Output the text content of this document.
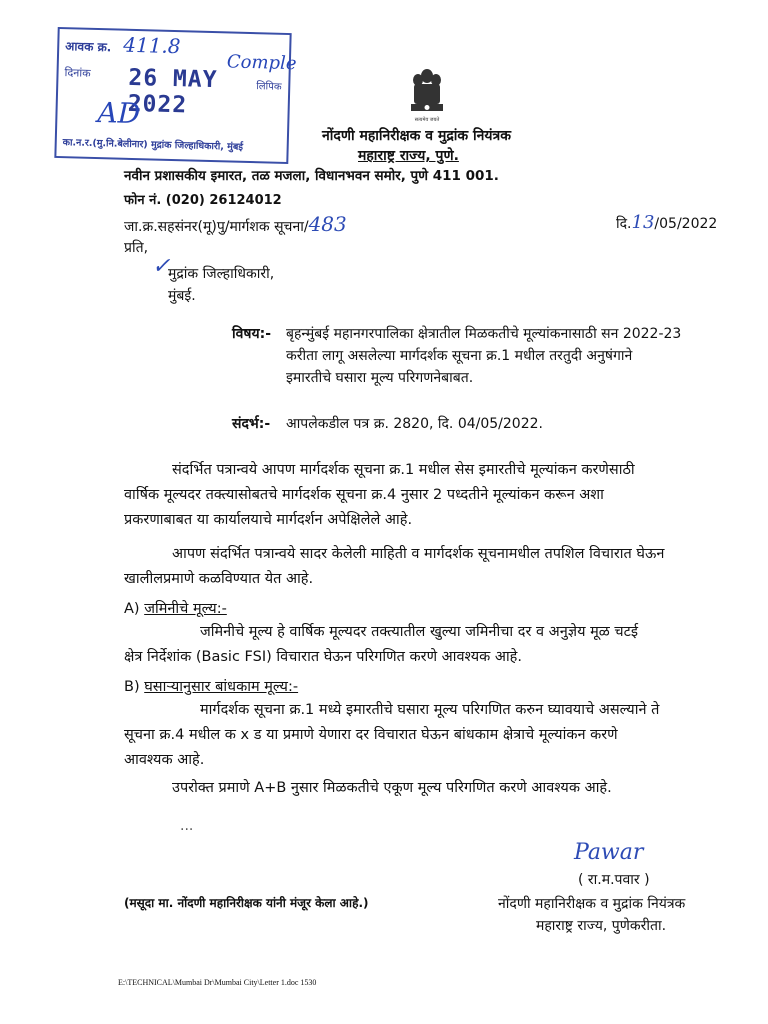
आवक क्र. 411.8
दिनांक 26 MAY 2022
Comple
लिपिक
AD
का.न.र.(मु.नि.बेलीनार) मुद्रांक जिल्हाधिकारी, मुंबई
सत्यमेव जयते
नोंदणी महानिरीक्षक व मुद्रांक नियंत्रक
महाराष्ट्र राज्य, पुणे.
नवीन प्रशासकीय इमारत, तळ मजला, विधानभवन समोर, पुणे 411 001.
फोन नं. (020) 26124012
जा.क्र.सहसंनर(मू)पु/मार्गशक सूचना/483	दि.13/05/2022
प्रति,
✓
मुद्रांक जिल्हाधिकारी,
मुंबई.
विषय:- बृहन्मुंबई महानगरपालिका क्षेत्रातील मिळकतीचे मूल्यांकनासाठी सन 2022-23
करीता लागू असलेल्या मार्गदर्शक सूचना क्र.1 मधील तरतुदी अनुषंगाने
इमारतीचे घसारा मूल्य परिगणनेबाबत.
संदर्भ:- आपलेकडील पत्र क्र. 2820, दि. 04/05/2022.
संदर्भित पत्रान्वये आपण मार्गदर्शक सूचना क्र.1 मधील सेस इमारतीचे मूल्यांकन करणेसाठी
वार्षिक मूल्यदर तक्त्यासोबतचे मार्गदर्शक सूचना क्र.4 नुसार 2 पध्दतीने मूल्यांकन करून अशा
प्रकरणाबाबत या कार्यालयाचे मार्गदर्शन अपेक्षिलेले आहे.
आपण संदर्भित पत्रान्वये सादर केलेली माहिती व मार्गदर्शक सूचनामधील तपशिल विचारात घेऊन
खालीलप्रमाणे कळविण्यात येत आहे.
A) जमिनीचे मूल्य:-
जमिनीचे मूल्य हे वार्षिक मूल्यदर तक्त्यातील खुल्या जमिनीचा दर व अनुज्ञेय मूळ चटई
क्षेत्र निर्देशांक (Basic FSI) विचारात घेऊन परिगणित करणे आवश्यक आहे.
B) घसाऱ्यानुसार बांधकाम मूल्य:-
मार्गदर्शक सूचना क्र.1 मध्ये इमारतीचे घसारा मूल्य परिगणित करुन घ्यावयाचे असल्याने ते
सूचना क्र.4 मधील क x ड या प्रमाणे येणारा दर विचारात घेऊन बांधकाम क्षेत्राचे मूल्यांकन करणे
आवश्यक आहे.
उपरोक्त प्रमाणे A+B नुसार मिळकतीचे एकूण मूल्य परिगणित करणे आवश्यक आहे.
...
Pawar
( रा.म.पवार )
नोंदणी महानिरीक्षक व मुद्रांक नियंत्रक
महाराष्ट्र राज्य, पुणेकरीता.
(मसूदा मा. नोंदणी महानिरीक्षक यांनी मंजूर केला आहे.)
E:\TECHNICAL\Mumbai Dr\Mumbai City\Letter 1.doc 1530
